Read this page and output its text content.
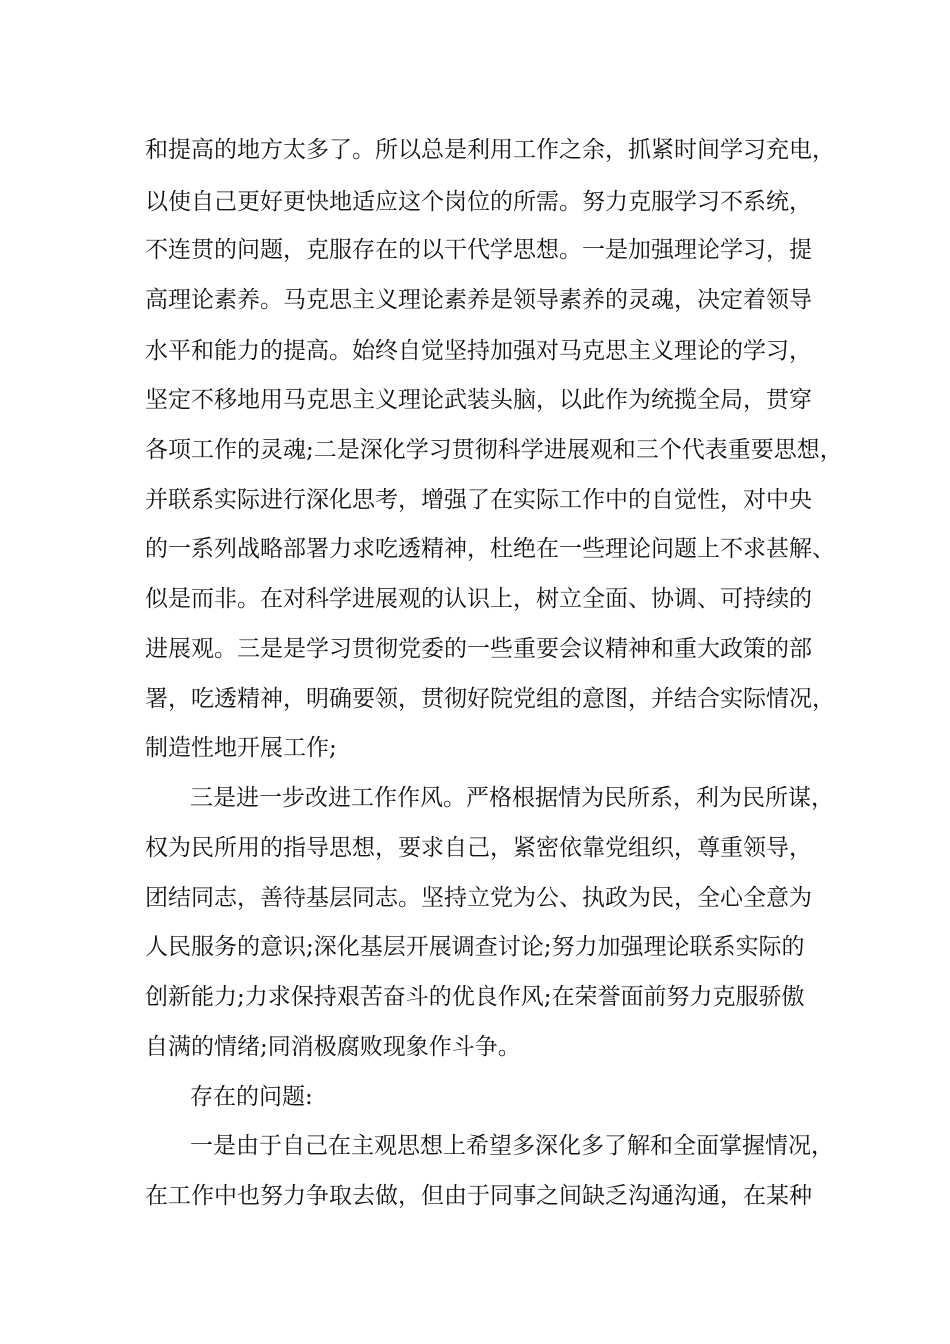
和提高的地方太多了。所以总是利用工作之余，抓紧时间学习充电，
以使自己更好更快地适应这个岗位的所需。努力克服学习不系统，
不连贯的问题，克服存在的以干代学思想。一是加强理论学习，提
高理论素养。马克思主义理论素养是领导素养的灵魂，决定着领导
水平和能力的提高。始终自觉坚持加强对马克思主义理论的学习，
坚定不移地用马克思主义理论武装头脑，以此作为统揽全局，贯穿
各项工作的灵魂;二是深化学习贯彻科学进展观和三个代表重要思想，
并联系实际进行深化思考，增强了在实际工作中的自觉性，对中央
的一系列战略部署力求吃透精神，杜绝在一些理论问题上不求甚解、
似是而非。在对科学进展观的认识上，树立全面、协调、可持续的
进展观。三是是学习贯彻党委的一些重要会议精神和重大政策的部
署，吃透精神，明确要领，贯彻好院党组的意图，并结合实际情况，
制造性地开展工作;
三是进一步改进工作作风。严格根据情为民所系，利为民所谋，
权为民所用的指导思想，要求自己，紧密依靠党组织，尊重领导，
团结同志，善待基层同志。坚持立党为公、执政为民，全心全意为
人民服务的意识;深化基层开展调查讨论;努力加强理论联系实际的
创新能力;力求保持艰苦奋斗的优良作风;在荣誉面前努力克服骄傲
自满的情绪;同消极腐败现象作斗争。
存在的问题:
一是由于自己在主观思想上希望多深化多了解和全面掌握情况，
在工作中也努力争取去做，但由于同事之间缺乏沟通沟通，在某种
